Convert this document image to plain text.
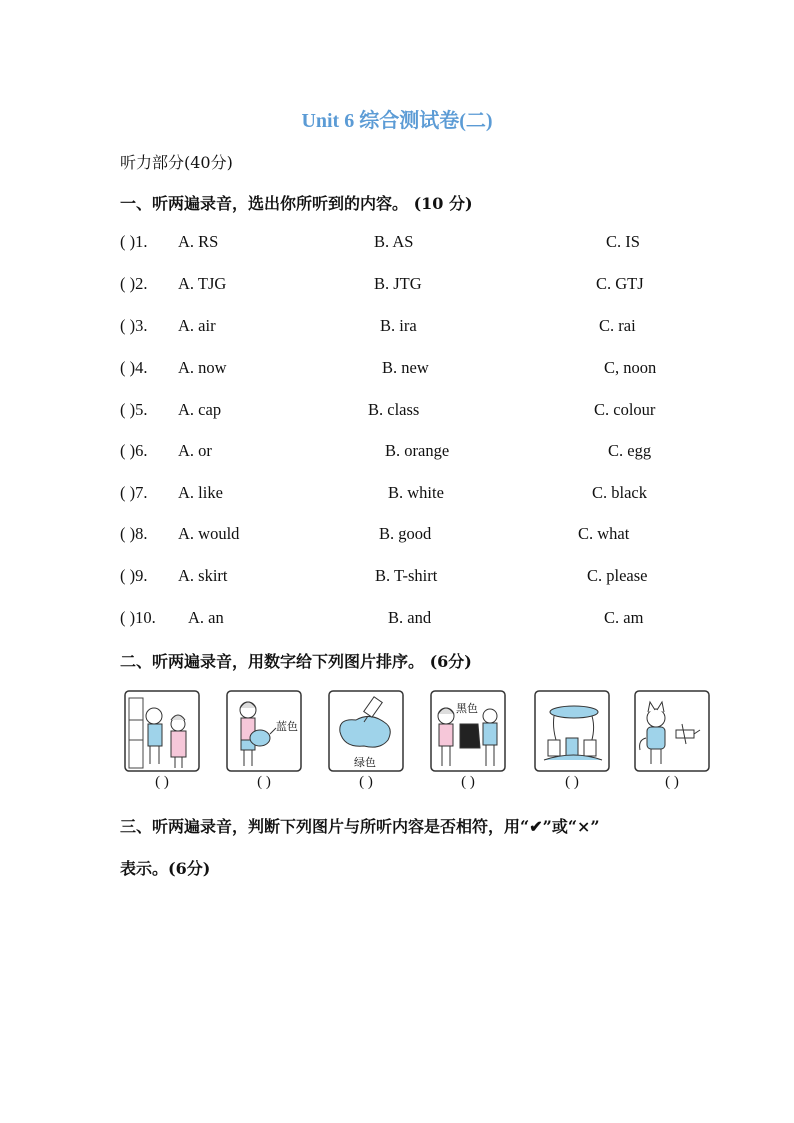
Unit 6 综合测试卷(二)
听力部分(40分)
一、听两遍录音，选出你所听到的内容。 (10 分)
( )1. A. RS	B. AS	C. IS
( )2. A. TJG	B. JTG	C. GTJ
( )3. A. air	B. ira	C. rai
( )4. A. now	B. new	C, noon
( )5. A. cap	B. class	C. colour
( )6. A. or	B. orange	C. egg
( )7. A. like	B. white	C. black
( )8. A. would	B. good	C. what
( )9. A. skirt	B. T-shirt	C. please
( )10. A. an	B. and	C. am
二、听两遍录音，用数字给下列图片排序。 (6分)
( )
蓝色
( )
绿色
( )
黑色
( )	( )	( )
三、听两遍录音，判断下列图片与所听内容是否相符，用“✔”或“×”
表示。(6分)
